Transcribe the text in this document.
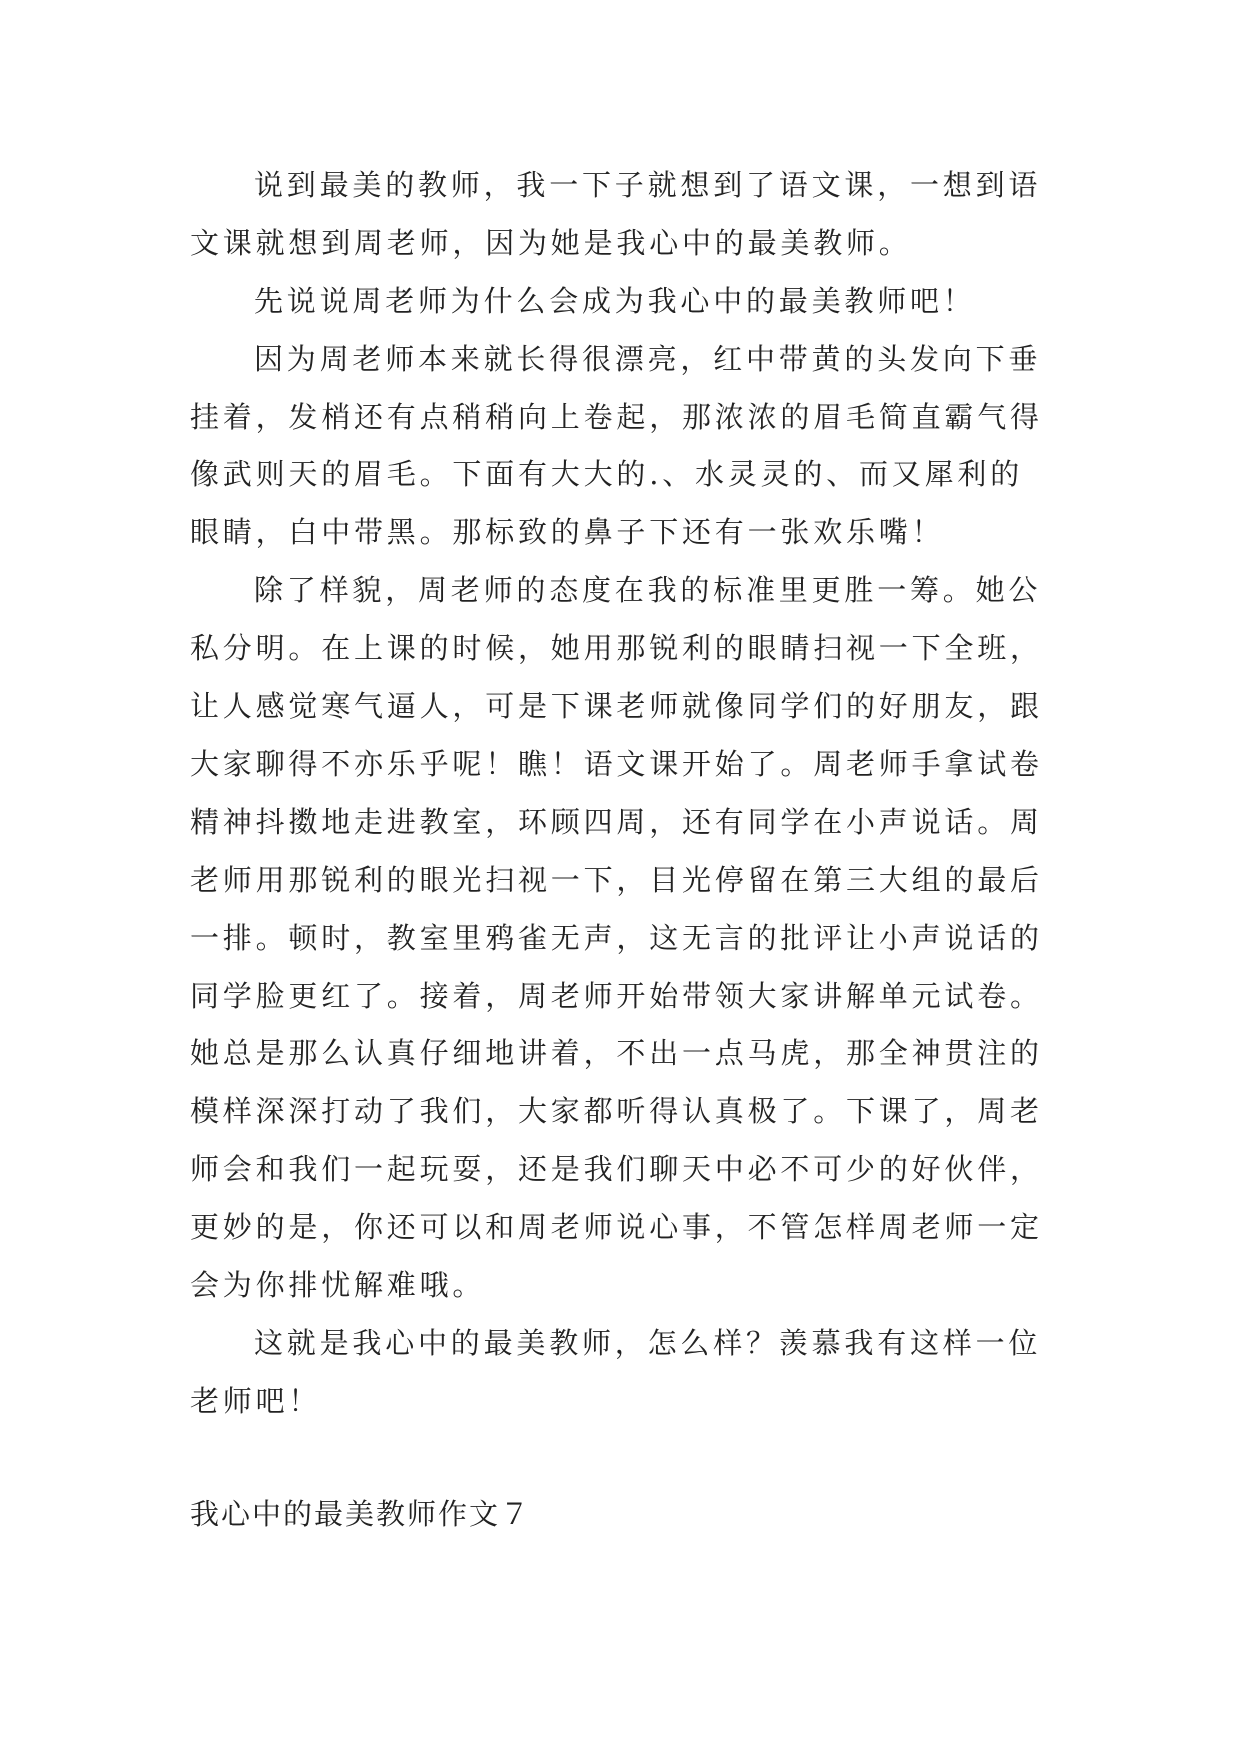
说到最美的教师，我一下子就想到了语文课，一想到语
文课就想到周老师，因为她是我心中的最美教师。
先说说周老师为什么会成为我心中的最美教师吧！
因为周老师本来就长得很漂亮，红中带黄的头发向下垂
挂着，发梢还有点稍稍向上卷起，那浓浓的眉毛简直霸气得
像武则天的眉毛。下面有大大的.、水灵灵的、而又犀利的
眼睛，白中带黑。那标致的鼻子下还有一张欢乐嘴！
除了样貌，周老师的态度在我的标准里更胜一筹。她公
私分明。在上课的时候，她用那锐利的眼睛扫视一下全班，
让人感觉寒气逼人，可是下课老师就像同学们的好朋友，跟
大家聊得不亦乐乎呢！瞧！语文课开始了。周老师手拿试卷
精神抖擞地走进教室，环顾四周，还有同学在小声说话。周
老师用那锐利的眼光扫视一下，目光停留在第三大组的最后
一排。顿时，教室里鸦雀无声，这无言的批评让小声说话的
同学脸更红了。接着，周老师开始带领大家讲解单元试卷。
她总是那么认真仔细地讲着，不出一点马虎，那全神贯注的
模样深深打动了我们，大家都听得认真极了。下课了，周老
师会和我们一起玩耍，还是我们聊天中必不可少的好伙伴，
更妙的是，你还可以和周老师说心事，不管怎样周老师一定
会为你排忧解难哦。
这就是我心中的最美教师，怎么样？羡慕我有这样一位
老师吧！
我心中的最美教师作文７
